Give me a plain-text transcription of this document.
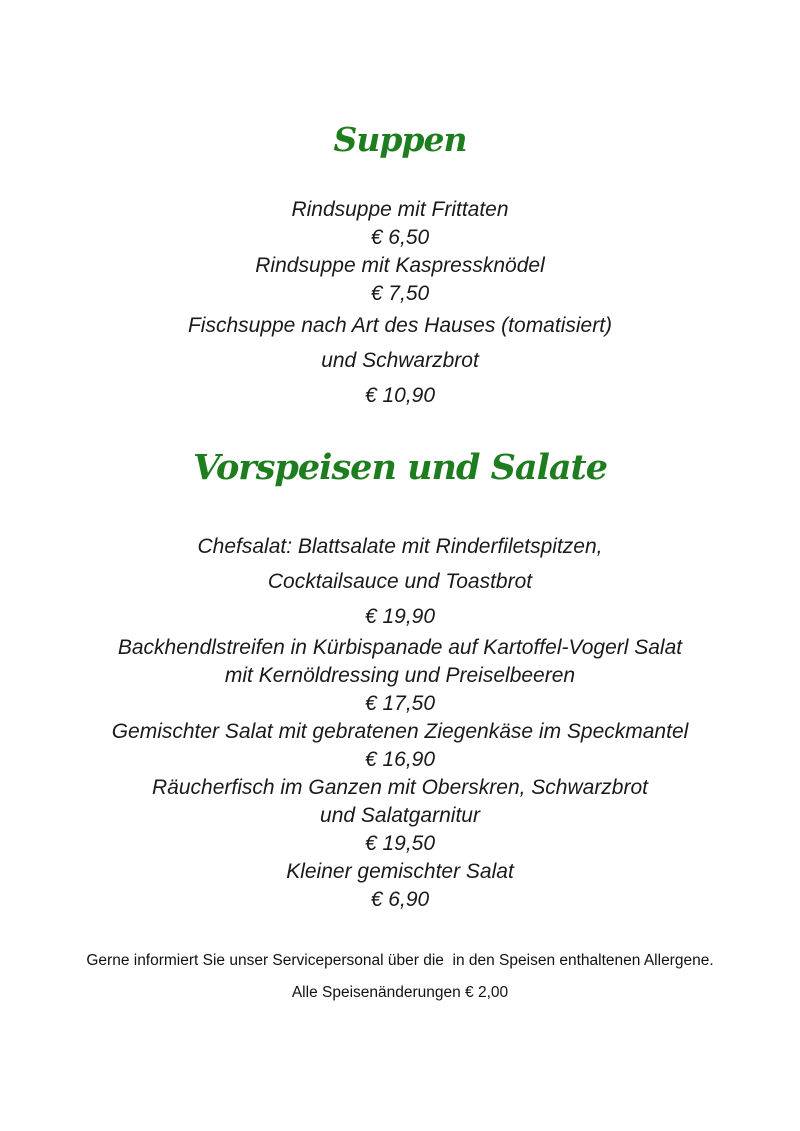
Suppen
Rindsuppe mit Frittaten
€ 6,50
Rindsuppe mit Kaspressknödel
€ 7,50
Fischsuppe nach Art des Hauses (tomatisiert)
und Schwarzbrot
€ 10,90
Vorspeisen und Salate
Chefsalat: Blattsalate mit Rinderfiletspitzen,
Cocktailsauce und Toastbrot
€ 19,90
Backhendlstreifen in Kürbispanade auf Kartoffel-Vogerl Salat
mit Kernöldressing und Preiselbeeren
€ 17,50
Gemischter Salat mit gebratenen Ziegenkäse im Speckmantel
€ 16,90
Räucherfisch im Ganzen mit Oberskren, Schwarzbrot
und Salatgarnitur
€ 19,50
Kleiner gemischter Salat
€ 6,90
Gerne informiert Sie unser Servicepersonal über die  in den Speisen enthaltenen Allergene.
Alle Speisenänderungen € 2,00
